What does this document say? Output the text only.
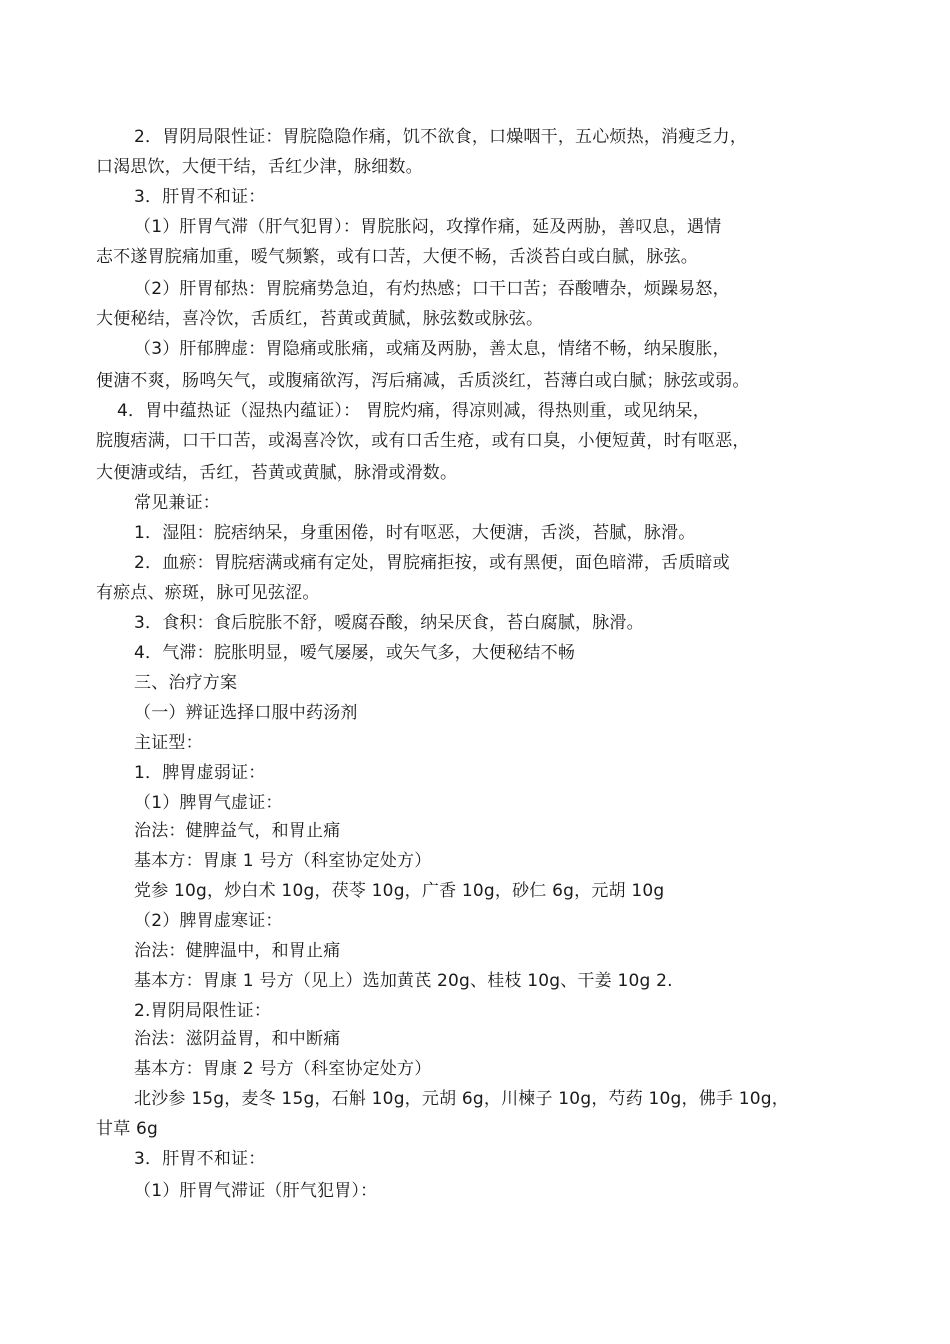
2．胃阴局限性证：胃脘隐隐作痛，饥不欲食，口燥咽干，五心烦热，消瘦乏力，
口渴思饮，大便干结，舌红少津，脉细数。
3．肝胃不和证：
（1）肝胃气滞（肝气犯胃）：胃脘胀闷，攻撑作痛，延及两胁，善叹息，遇情
志不遂胃脘痛加重，嗳气频繁，或有口苦，大便不畅，舌淡苔白或白腻，脉弦。
（2）肝胃郁热：胃脘痛势急迫，有灼热感；口干口苦；吞酸嘈杂，烦躁易怒，
大便秘结，喜冷饮，舌质红，苔黄或黄腻，脉弦数或脉弦。
（3）肝郁脾虚：胃隐痛或胀痛，或痛及两胁，善太息，情绪不畅，纳呆腹胀，
便溏不爽，肠鸣矢气，或腹痛欲泻，泻后痛减，舌质淡红，苔薄白或白腻；脉弦或弱。
4．胃中蕴热证（湿热内蕴证）： 胃脘灼痛，得凉则减，得热则重，或见纳呆，
脘腹痞满，口干口苦，或渴喜冷饮，或有口舌生疮，或有口臭，小便短黄，时有呕恶，
大便溏或结，舌红，苔黄或黄腻，脉滑或滑数。
常见兼证：
1．湿阻：脘痞纳呆，身重困倦，时有呕恶，大便溏，舌淡，苔腻，脉滑。
2．血瘀：胃脘痞满或痛有定处，胃脘痛拒按，或有黑便，面色暗滞，舌质暗或
有瘀点、瘀斑，脉可见弦涩。
3．食积：食后脘胀不舒，嗳腐吞酸，纳呆厌食，苔白腐腻，脉滑。
4．气滞：脘胀明显，嗳气屡屡，或矢气多，大便秘结不畅
三、治疗方案
（一）辨证选择口服中药汤剂
主证型：
1．脾胃虚弱证：
（1）脾胃气虚证：
治法：健脾益气，和胃止痛
基本方：胃康 1 号方（科室协定处方）
党参 10g，炒白术 10g，茯苓 10g，广香 10g，砂仁 6g，元胡 10g
（2）脾胃虚寒证：
治法：健脾温中，和胃止痛
基本方：胃康 1 号方（见上）选加黄芪 20g、桂枝 10g、干姜 10g 2.
2.胃阴局限性证：
治法：滋阴益胃，和中断痛
基本方：胃康 2 号方（科室协定处方）
北沙参 15g，麦冬 15g，石斛 10g，元胡 6g，川楝子 10g，芍药 10g，佛手 10g，
甘草 6g
3．肝胃不和证：
（1）肝胃气滞证（肝气犯胃）：
